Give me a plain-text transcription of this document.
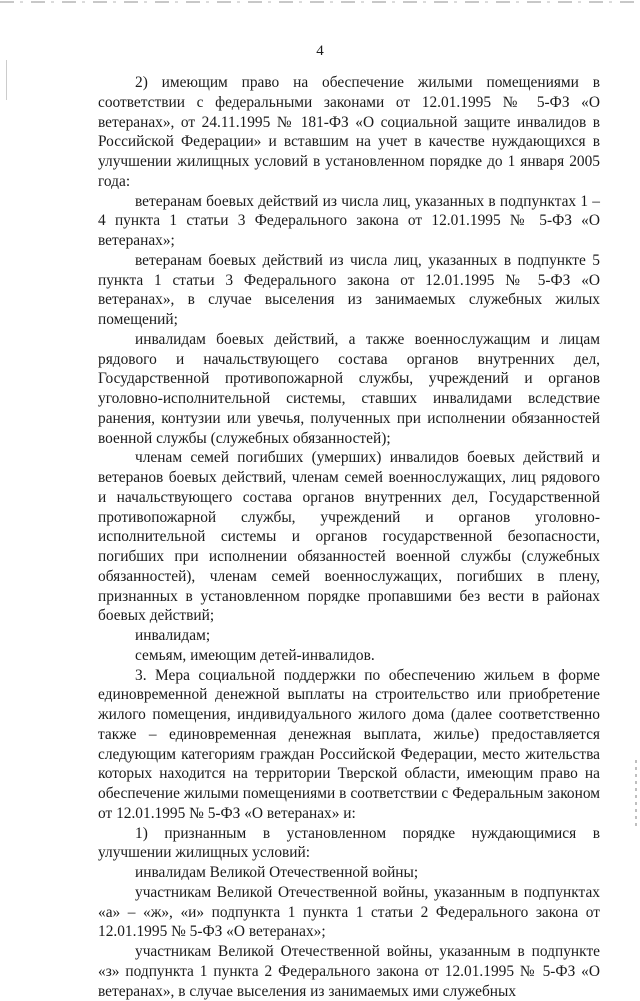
4

2) имеющим право на обеспечение жилыми помещениями в соответствии с федеральными законами от 12.01.1995 № 5-ФЗ «О ветеранах», от 24.11.1995 № 181-ФЗ «О социальной защите инвалидов в Российской Федерации» и вставшим на учет в качестве нуждающихся в улучшении жилищных условий в установленном порядке до 1 января 2005 года:

ветеранам боевых действий из числа лиц, указанных в подпунктах 1 – 4 пункта 1 статьи 3 Федерального закона от 12.01.1995 № 5-ФЗ «О ветеранах»;

ветеранам боевых действий из числа лиц, указанных в подпункте 5 пункта 1 статьи 3 Федерального закона от 12.01.1995 № 5-ФЗ «О ветеранах», в случае выселения из занимаемых служебных жилых помещений;

инвалидам боевых действий, а также военнослужащим и лицам рядового и начальствующего состава органов внутренних дел, Государственной противопожарной службы, учреждений и органов уголовно-исполнительной системы, ставших инвалидами вследствие ранения, контузии или увечья, полученных при исполнении обязанностей военной службы (служебных обязанностей);

членам семей погибших (умерших) инвалидов боевых действий и ветеранов боевых действий, членам семей военнослужащих, лиц рядового и начальствующего состава органов внутренних дел, Государственной противопожарной службы, учреждений и органов уголовно-исполнительной системы и органов государственной безопасности, погибших при исполнении обязанностей военной службы (служебных обязанностей), членам семей военнослужащих, погибших в плену, признанных в установленном порядке пропавшими без вести в районах боевых действий;

инвалидам;

семьям, имеющим детей-инвалидов.

3. Мера социальной поддержки по обеспечению жильем в форме единовременной денежной выплаты на строительство или приобретение жилого помещения, индивидуального жилого дома (далее соответственно также – единовременная денежная выплата, жилье) предоставляется следующим категориям граждан Российской Федерации, место жительства которых находится на территории Тверской области, имеющим право на обеспечение жилыми помещениями в соответствии с Федеральным законом от 12.01.1995 № 5-ФЗ «О ветеранах» и:

1) признанным в установленном порядке нуждающимися в улучшении жилищных условий:

инвалидам Великой Отечественной войны;

участникам Великой Отечественной войны, указанным в подпунктах «а» – «ж», «и» подпункта 1 пункта 1 статьи 2 Федерального закона от 12.01.1995 № 5-ФЗ «О ветеранах»;

участникам Великой Отечественной войны, указанным в подпункте «з» подпункта 1 пункта 2 Федерального закона от 12.01.1995 № 5-ФЗ «О ветеранах», в случае выселения из занимаемых ими служебных
